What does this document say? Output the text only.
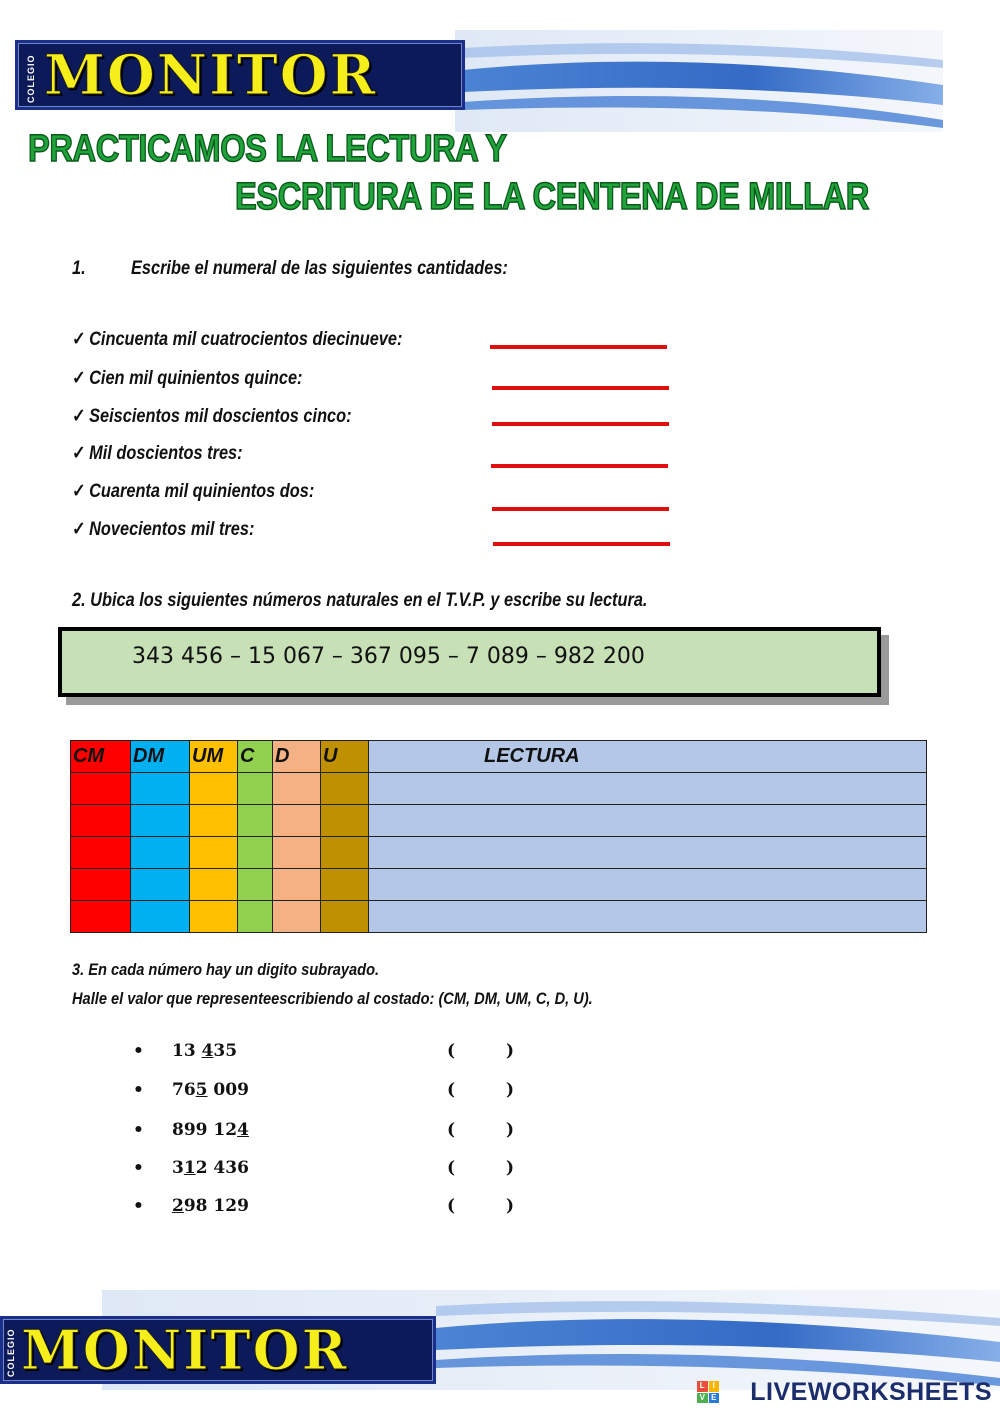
COLEGIO MONITOR
PRACTICAMOS LA LECTURA Y
ESCRITURA DE LA CENTENA DE MILLAR
1. Escribe el numeral de las siguientes cantidades:
✓ Cincuenta mil cuatrocientos diecinueve:
✓ Cien mil quinientos quince:
✓ Seiscientos mil doscientos cinco:
✓ Mil doscientos tres:
✓ Cuarenta mil quinientos dos:
✓ Novecientos mil tres:
2. Ubica los siguientes números naturales en el T.V.P. y escribe su lectura.
343 456 – 15 067 – 367 095 – 7 089 – 982 200
CM	DM	UM	C	D	U	LECTURA

3. En cada número hay un digito subrayado.
Halle el valor que representeescribiendo al costado: (CM, DM, UM, C, D, U).
• 13 435	(	)
• 765 009	(	)
• 899 124	(	)
• 312 436	(	)
• 298 129	(	)
COLEGIO MONITOR
L I
V E LIVEWORKSHEETS
